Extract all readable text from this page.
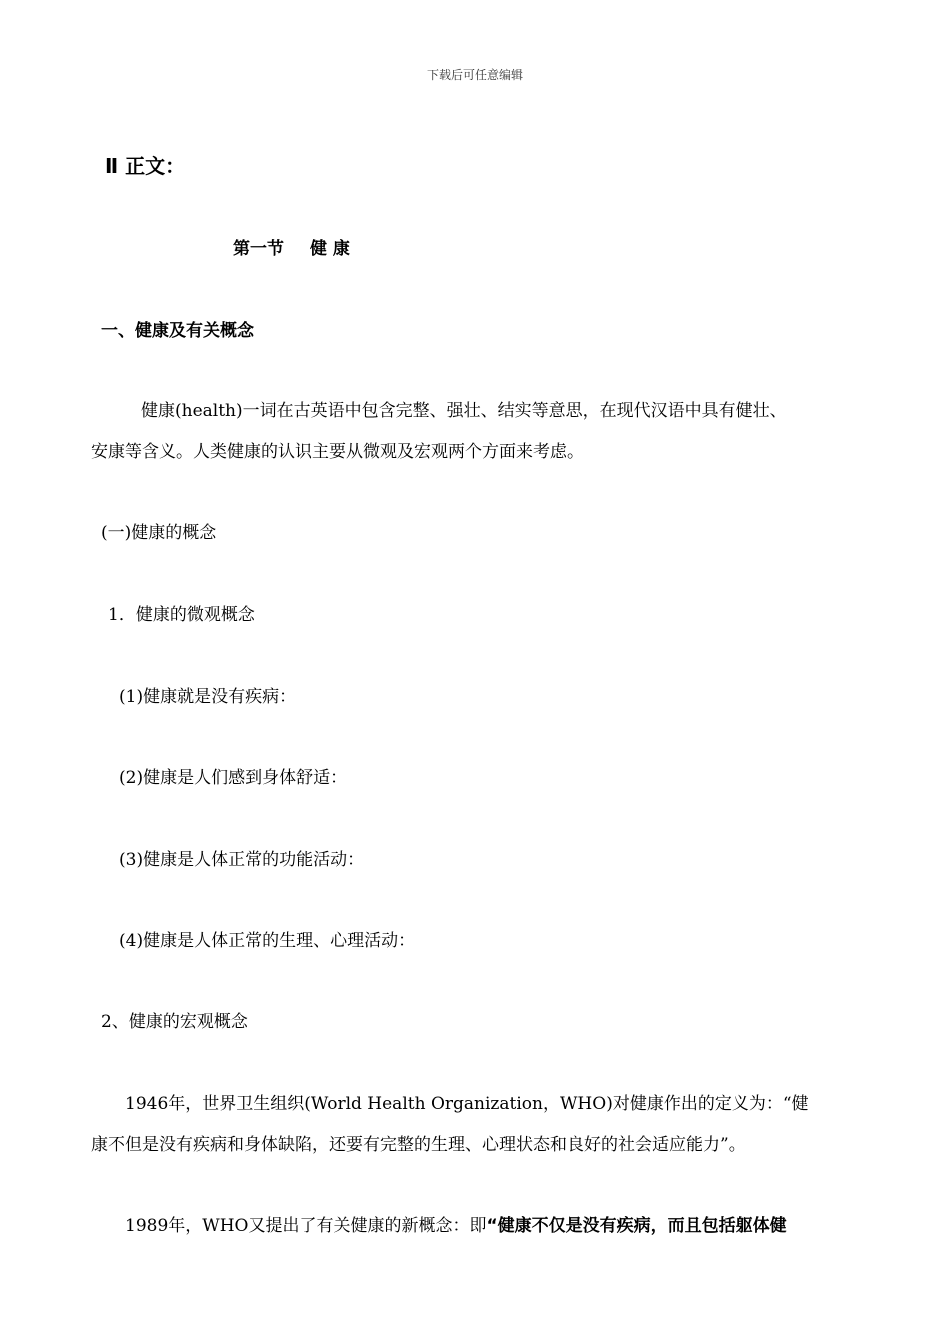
下载后可任意编辑
Ⅱ 正文：
第一节 健 康
一、健康及有关概念
健康(health)一词在古英语中包含完整、强壮、结实等意思，在现代汉语中具有健壮、
安康等含义。人类健康的认识主要从微观及宏观两个方面来考虑。
(一)健康的概念
1．健康的微观概念
(1)健康就是没有疾病：
(2)健康是人们感到身体舒适：
(3)健康是人体正常的功能活动：
(4)健康是人体正常的生理、心理活动：
2、健康的宏观概念
1946年，世界卫生组织(World Health Organization，WHO)对健康作出的定义为：“健
康不但是没有疾病和身体缺陷，还要有完整的生理、心理状态和良好的社会适应能力”。
1989年，WHO又提出了有关健康的新概念：即“健康不仅是没有疾病，而且包括躯体健
